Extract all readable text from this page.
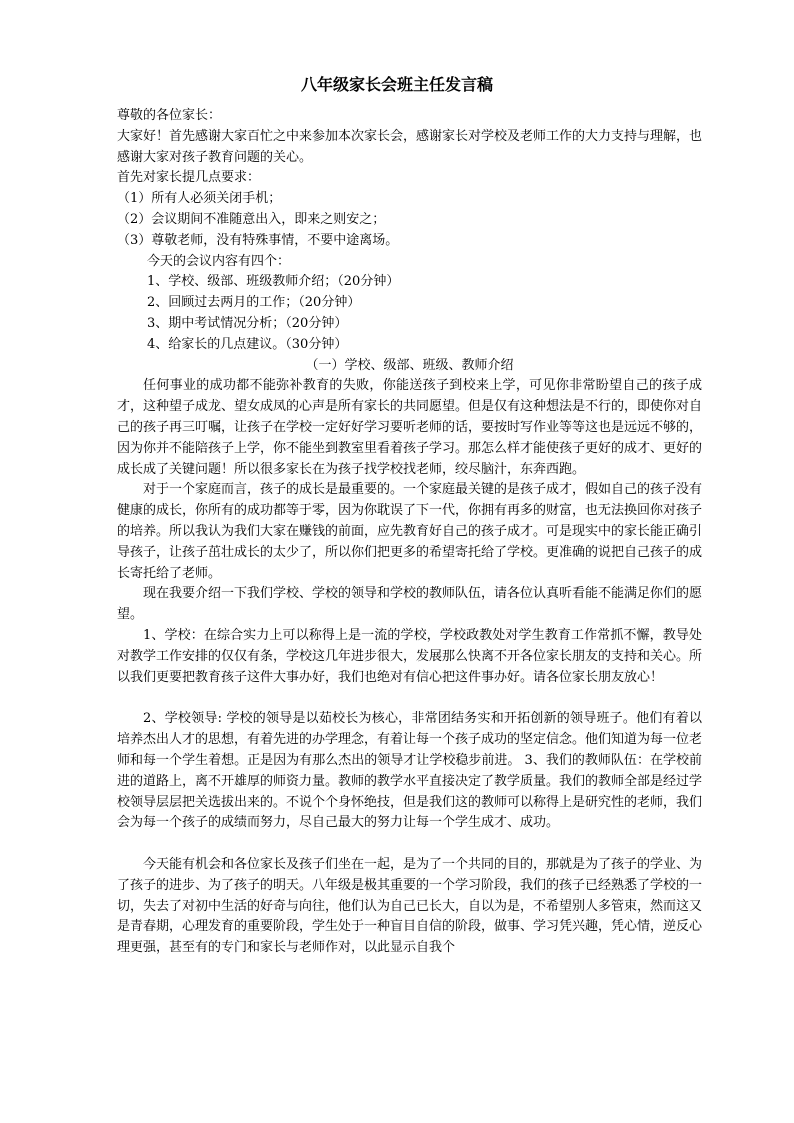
八年级家长会班主任发言稿

尊敬的各位家长：

大家好！首先感谢大家百忙之中来参加本次家长会，感谢家长对学校及老师工作的大力支持与理解，也感谢大家对孩子教育问题的关心。

首先对家长提几点要求：

（1）所有人必须关闭手机；

（2）会议期间不准随意出入，即来之则安之；

（3）尊敬老师，没有特殊事情，不要中途离场。

今天的会议内容有四个：

1、学校、级部、班级教师介绍；（20分钟）

2、回顾过去两月的工作；（20分钟）

3、期中考试情况分析；（20分钟）

4、给家长的几点建议。（30分钟）

（一）学校、级部、班级、教师介绍

任何事业的成功都不能弥补教育的失败，你能送孩子到校来上学，可见你非常盼望自己的孩子成才，这种望子成龙、望女成凤的心声是所有家长的共同愿望。但是仅有这种想法是不行的，即使你对自己的孩子再三叮嘱，让孩子在学校一定好好学习要听老师的话，要按时写作业等等这也是远远不够的，因为你并不能陪孩子上学，你不能坐到教室里看着孩子学习。那怎么样才能使孩子更好的成才、更好的成长成了关键问题！所以很多家长在为孩子找学校找老师，绞尽脑汁，东奔西跑。

对于一个家庭而言，孩子的成长是最重要的。一个家庭最关键的是孩子成才，假如自己的孩子没有健康的成长，你所有的成功都等于零，因为你耽误了下一代，你拥有再多的财富，也无法换回你对孩子的培养。所以我认为我们大家在赚钱的前面，应先教育好自己的孩子成才。可是现实中的家长能正确引导孩子，让孩子茁壮成长的太少了，所以你们把更多的希望寄托给了学校。更准确的说把自己孩子的成长寄托给了老师。

现在我要介绍一下我们学校、学校的领导和学校的教师队伍，请各位认真听看能不能满足你们的愿望。

1、学校：在综合实力上可以称得上是一流的学校，学校政教处对学生教育工作常抓不懈，教导处对教学工作安排的仅仅有条，学校这几年进步很大，发展那么快离不开各位家长朋友的支持和关心。所以我们更要把教育孩子这件大事办好，我们也绝对有信心把这件事办好。请各位家长朋友放心！

2、学校领导: 学校的领导是以茹校长为核心，非常团结务实和开拓创新的领导班子。他们有着以培养杰出人才的思想，有着先进的办学理念，有着让每一个孩子成功的坚定信念。他们知道为每一位老师和每一个学生着想。正是因为有那么杰出的领导才让学校稳步前进。 3、我们的教师队伍：在学校前进的道路上，离不开雄厚的师资力量。教师的教学水平直接决定了教学质量。我们的教师全部是经过学校领导层层把关选拔出来的。不说个个身怀绝技，但是我们这的教师可以称得上是研究性的老师，我们会为每一个孩子的成绩而努力，尽自己最大的努力让每一个学生成才、成功。

今天能有机会和各位家长及孩子们坐在一起，是为了一个共同的目的，那就是为了孩子的学业、为了孩子的进步、为了孩子的明天。八年级是极其重要的一个学习阶段，我们的孩子已经熟悉了学校的一切，失去了对初中生活的好奇与向往，他们认为自己已长大，自以为是，不希望别人多管束，然而这又是青春期，心理发育的重要阶段，学生处于一种盲目自信的阶段，做事、学习凭兴趣，凭心情，逆反心理更强，甚至有的专门和家长与老师作对，以此显示自我个
